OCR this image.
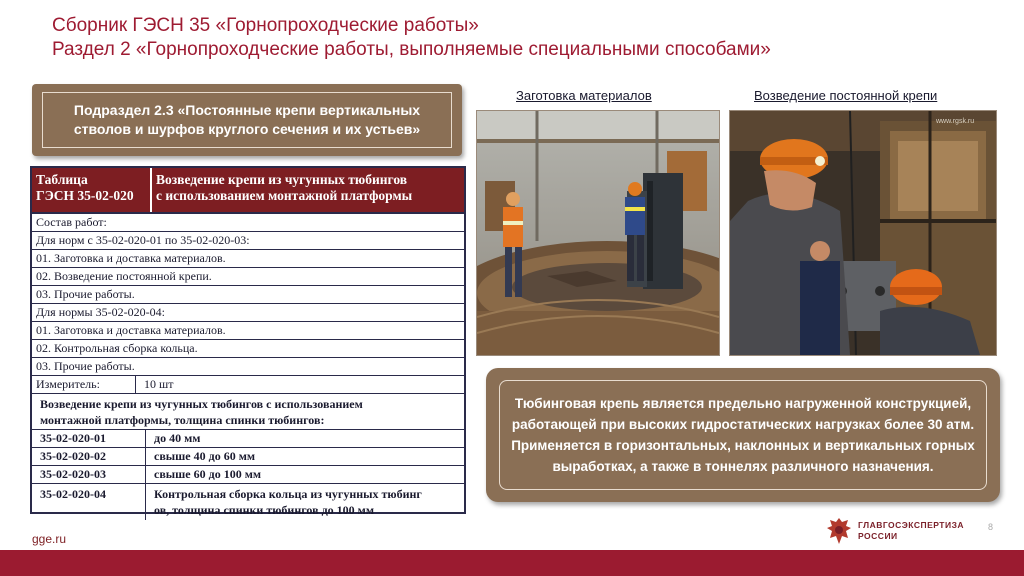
Сборник ГЭСН 35 «Горнопроходческие работы»
Раздел 2 «Горнопроходческие работы, выполняемые специальными способами»
Подраздел 2.3 «Постоянные крепи вертикальных
стволов и шурфов круглого сечения и их устьев»
Таблица
ГЭСН 35-02-020
Возведение крепи из чугунных тюбингов
с использованием монтажной платформы
Состав работ:
Для норм с 35-02-020-01 по 35-02-020-03:
01. Заготовка и доставка материалов.
02. Возведение постоянной крепи.
03. Прочие работы.
Для нормы 35-02-020-04:
01. Заготовка и доставка материалов.
02. Контрольная сборка кольца.
03. Прочие работы.
Измеритель:	10 шт
Возведение крепи из чугунных тюбингов с использованием
монтажной платформы, толщина спинки тюбингов:
35-02-020-01	до 40 мм
35-02-020-02	свыше 40 до 60 мм
35-02-020-03	свыше 60 до 100 мм
35-02-020-04	Контрольная сборка кольца из чугунных тюбинг
ов, толщина спинки тюбингов до 100 мм
Заготовка материалов	Возведение постоянной крепи
www.rgsk.ru
Тюбинговая крепь является предельно нагруженной конструкцией, работающей при высоких гидростатических нагрузках более 30 атм. Применяется в горизонтальных, наклонных и вертикальных горных выработках, а также в тоннелях различного назначения.
gge.ru
ГЛАВГОСЭКСПЕРТИЗА
РОССИИ
8
